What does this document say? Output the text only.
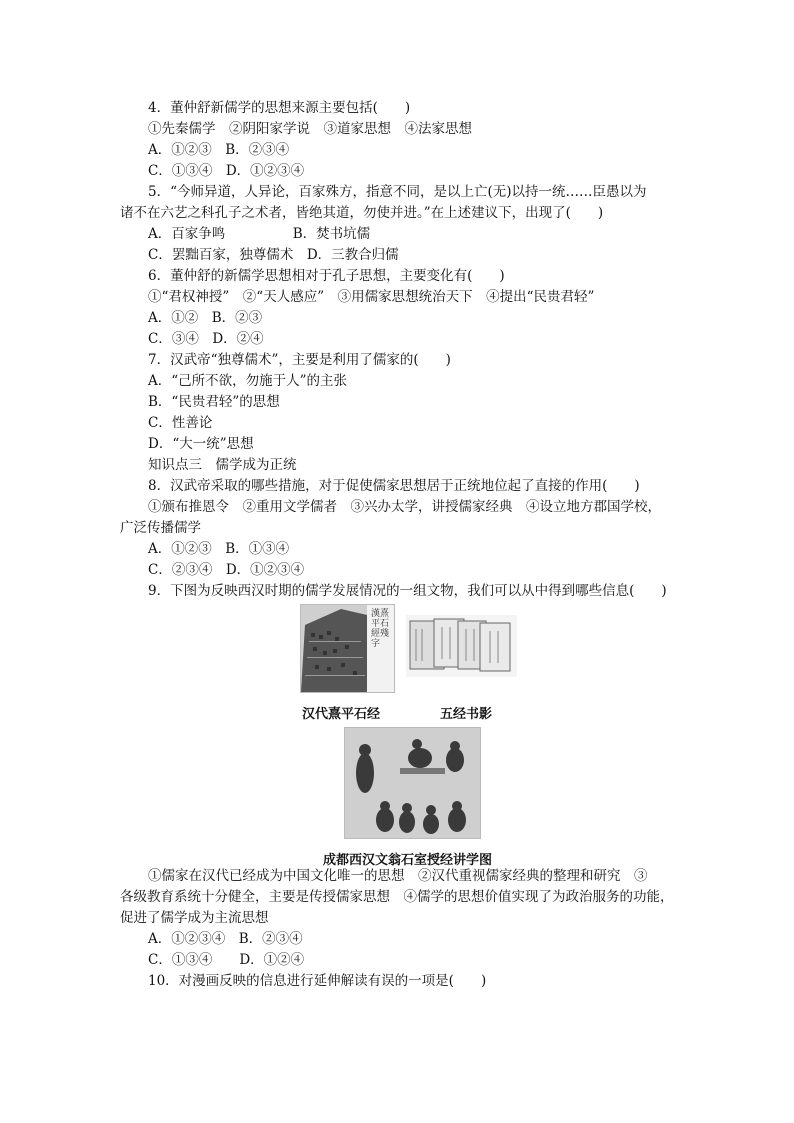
4．董仲舒新儒学的思想来源主要包括(　　)
①先秦儒学　②阴阳家学说　③道家思想　④法家思想
A．①②③　B．②③④
C．①③④　D．①②③④
5．“今师异道，人异论，百家殊方，指意不同，是以上亡(无)以持一统……臣愚以为
诸不在六艺之科孔子之术者，皆绝其道，勿使并进。”在上述建议下，出现了(　　)
A．百家争鸣　　　　　B．焚书坑儒
C．罢黜百家，独尊儒术　D．三教合归儒
6．董仲舒的新儒学思想相对于孔子思想，主要变化有(　　)
①“君权神授”　②“天人感应”　③用儒家思想统治天下　④提出“民贵君轻”
A．①②　B．②③
C．③④　D．②④
7．汉武帝“独尊儒术”，主要是利用了儒家的(　　)
A．“己所不欲，勿施于人”的主张
B．“民贵君轻”的思想
C．性善论
D．“大一统”思想
知识点三　儒学成为正统
8．汉武帝采取的哪些措施，对于促使儒家思想居于正统地位起了直接的作用(　　)
①颁布推恩令　②重用文学儒者　③兴办太学，讲授儒家经典　④设立地方郡国学校，
广泛传播儒学
A．①②③　B．①③④
C．②③④　D．①②③④
9．下图为反映西汉时期的儒学发展情况的一组文物，我们可以从中得到哪些信息(　　)
漢熹平石經殘字
汉代熹平石经	五经书影
成都西汉文翁石室授经讲学图
①儒家在汉代已经成为中国文化唯一的思想　②汉代重视儒家经典的整理和研究　③
各级教育系统十分健全，主要是传授儒家思想　④儒学的思想价值实现了为政治服务的功能，
促进了儒学成为主流思想
A．①②③④　B．②③④
C．①③④　　D．①②④
10．对漫画反映的信息进行延伸解读有误的一项是(　　)
